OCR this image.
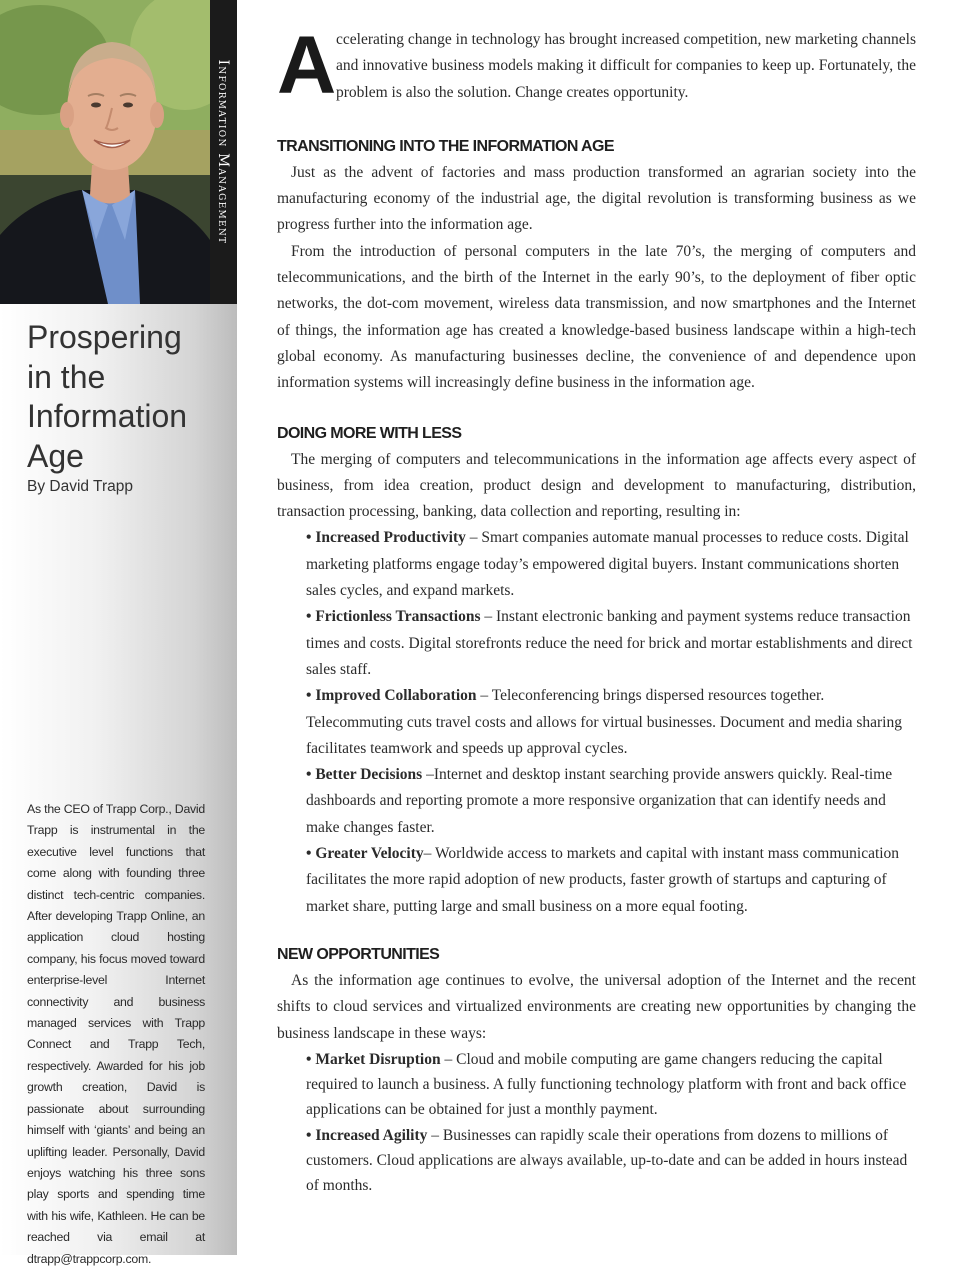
Information Management
Prospering
in the
Information
Age

By David Trapp

As the CEO of Trapp Corp., David Trapp is instrumental in the executive level functions that come along with founding three distinct tech-centric companies. After developing Trapp Online, an application cloud hosting company, his focus moved toward enterprise-level Internet connectivity and business managed services with Trapp Connect and Trapp Tech, respectively. Awarded for his job growth creation, David is passionate about surrounding himself with ‘giants’ and being an uplifting leader. Personally, David enjoys watching his three sons play sports and spending time with his wife, Kathleen. He can be reached via email at dtrapp@trappcorp.com.

A ccelerating change in technology has brought increased competition, new marketing channels and innovative business models making it difficult for companies to keep up. Fortunately, the problem is also the solution. Change creates opportunity.
TRANSITIONING INTO THE INFORMATION AGE

Just as the advent of factories and mass production transformed an agrarian society into the manufacturing economy of the industrial age, the digital revolution is transforming business as we progress further into the information age.

From the introduction of personal computers in the late 70’s, the merging of computers and telecommunications, and the birth of the Internet in the early 90’s, to the deployment of fiber optic networks, the dot-com movement, wireless data transmission, and now smartphones and the Internet of things, the information age has created a knowledge-based business landscape within a high-tech global economy. As manufacturing businesses decline, the convenience of and dependence upon information systems will increasingly define business in the information age.

DOING MORE WITH LESS

The merging of computers and telecommunications in the information age affects every aspect of business, from idea creation, product design and development to manufacturing, distribution, transaction processing, banking, data collection and reporting, resulting in:

• Increased Productivity – Smart companies automate manual processes to reduce costs. Digital marketing platforms engage today’s empowered digital buyers. Instant communications shorten sales cycles, and expand markets.
• Frictionless Transactions – Instant electronic banking and payment systems reduce transaction times and costs. Digital storefronts reduce the need for brick and mortar establishments and direct sales staff.
• Improved Collaboration – Teleconferencing brings dispersed resources together. Telecommuting cuts travel costs and allows for virtual businesses. Document and media sharing facilitates teamwork and speeds up approval cycles.
• Better Decisions –Internet and desktop instant searching provide answers quickly. Real-time dashboards and reporting promote a more responsive organization that can identify needs and make changes faster.
• Greater Velocity– Worldwide access to markets and capital with instant mass communication facilitates the more rapid adoption of new products, faster growth of startups and capturing of market share, putting large and small business on a more equal footing.
NEW OPPORTUNITIES

As the information age continues to evolve, the universal adoption of the Internet and the recent shifts to cloud services and virtualized environments are creating new opportunities by changing the business landscape in these ways:

• Market Disruption – Cloud and mobile computing are game changers reducing the capital required to launch a business. A fully functioning technology platform with front and back office applications can be obtained for just a monthly payment.
• Increased Agility – Businesses can rapidly scale their operations from dozens to millions of customers. Cloud applications are always available, up-to-date and can be added in hours instead of months.
